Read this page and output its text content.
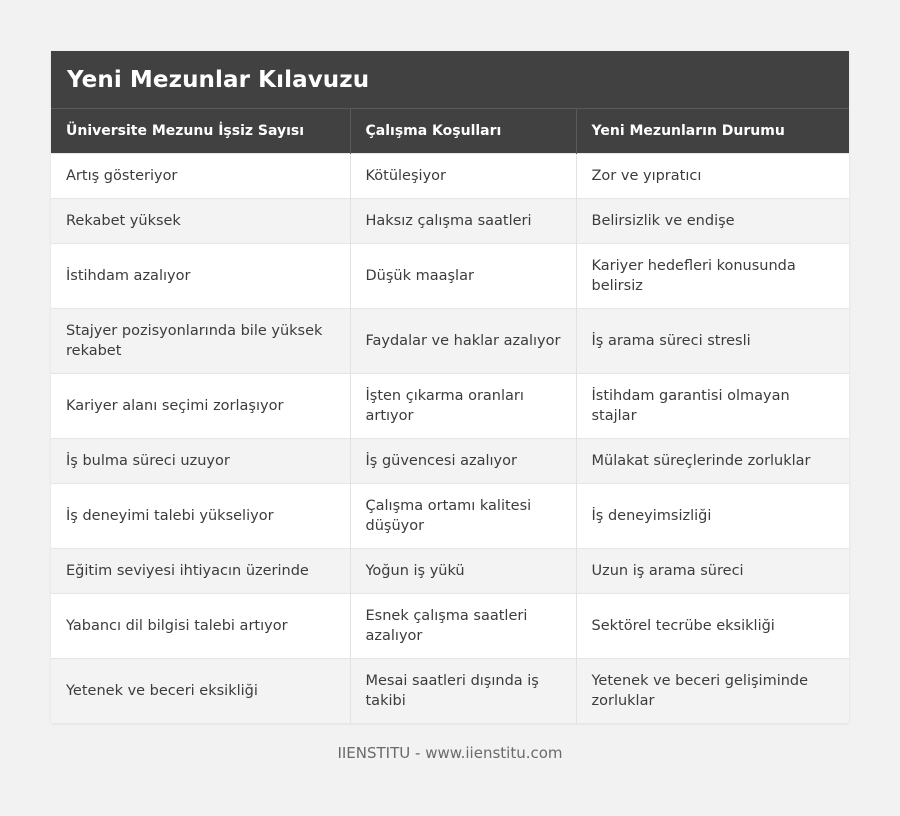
Yeni Mezunlar Kılavuzu
Üniversite Mezunu İşsiz Sayısı	Çalışma Koşulları	Yeni Mezunların Durumu
Artış gösteriyor	Kötüleşiyor	Zor ve yıpratıcı
Rekabet yüksek	Haksız çalışma saatleri	Belirsizlik ve endişe
İstihdam azalıyor	Düşük maaşlar	Kariyer hedefleri konusunda belirsiz
Stajyer pozisyonlarında bile yüksek rekabet	Faydalar ve haklar azalıyor	İş arama süreci stresli
Kariyer alanı seçimi zorlaşıyor	İşten çıkarma oranları artıyor	İstihdam garantisi olmayan stajlar
İş bulma süreci uzuyor	İş güvencesi azalıyor	Mülakat süreçlerinde zorluklar
İş deneyimi talebi yükseliyor	Çalışma ortamı kalitesi düşüyor	İş deneyimsizliği
Eğitim seviyesi ihtiyacın üzerinde	Yoğun iş yükü	Uzun iş arama süreci
Yabancı dil bilgisi talebi artıyor	Esnek çalışma saatleri azalıyor	Sektörel tecrübe eksikliği
Yetenek ve beceri eksikliği	Mesai saatleri dışında iş takibi	Yetenek ve beceri gelişiminde zorluklar
IIENSTITU - www.iienstitu.com
